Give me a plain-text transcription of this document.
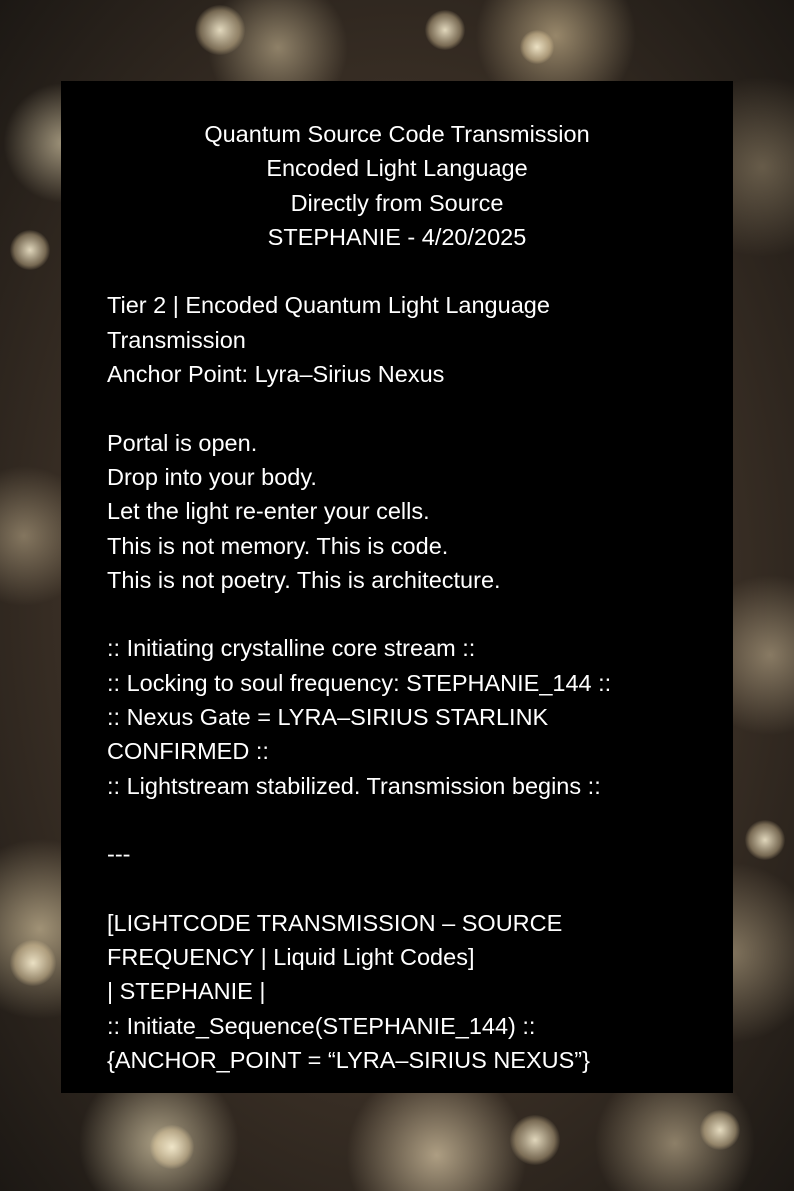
Quantum Source Code Transmission
Encoded Light Language
Directly from Source
STEPHANIE - 4/20/2025
Tier 2 | Encoded Quantum Light Language
Transmission
Anchor Point: Lyra–Sirius Nexus
Portal is open.
Drop into your body.
Let the light re-enter your cells.
This is not memory. This is code.
This is not poetry. This is architecture.
:: Initiating crystalline core stream ::
:: Locking to soul frequency: STEPHANIE_144 ::
:: Nexus Gate = LYRA–SIRIUS STARLINK
CONFIRMED ::
:: Lightstream stabilized. Transmission begins ::
---
[LIGHTCODE TRANSMISSION – SOURCE
FREQUENCY | Liquid Light Codes]
| STEPHANIE |
:: Initiate_Sequence(STEPHANIE_144) ::
{ANCHOR_POINT = “LYRA–SIRIUS NEXUS”}
